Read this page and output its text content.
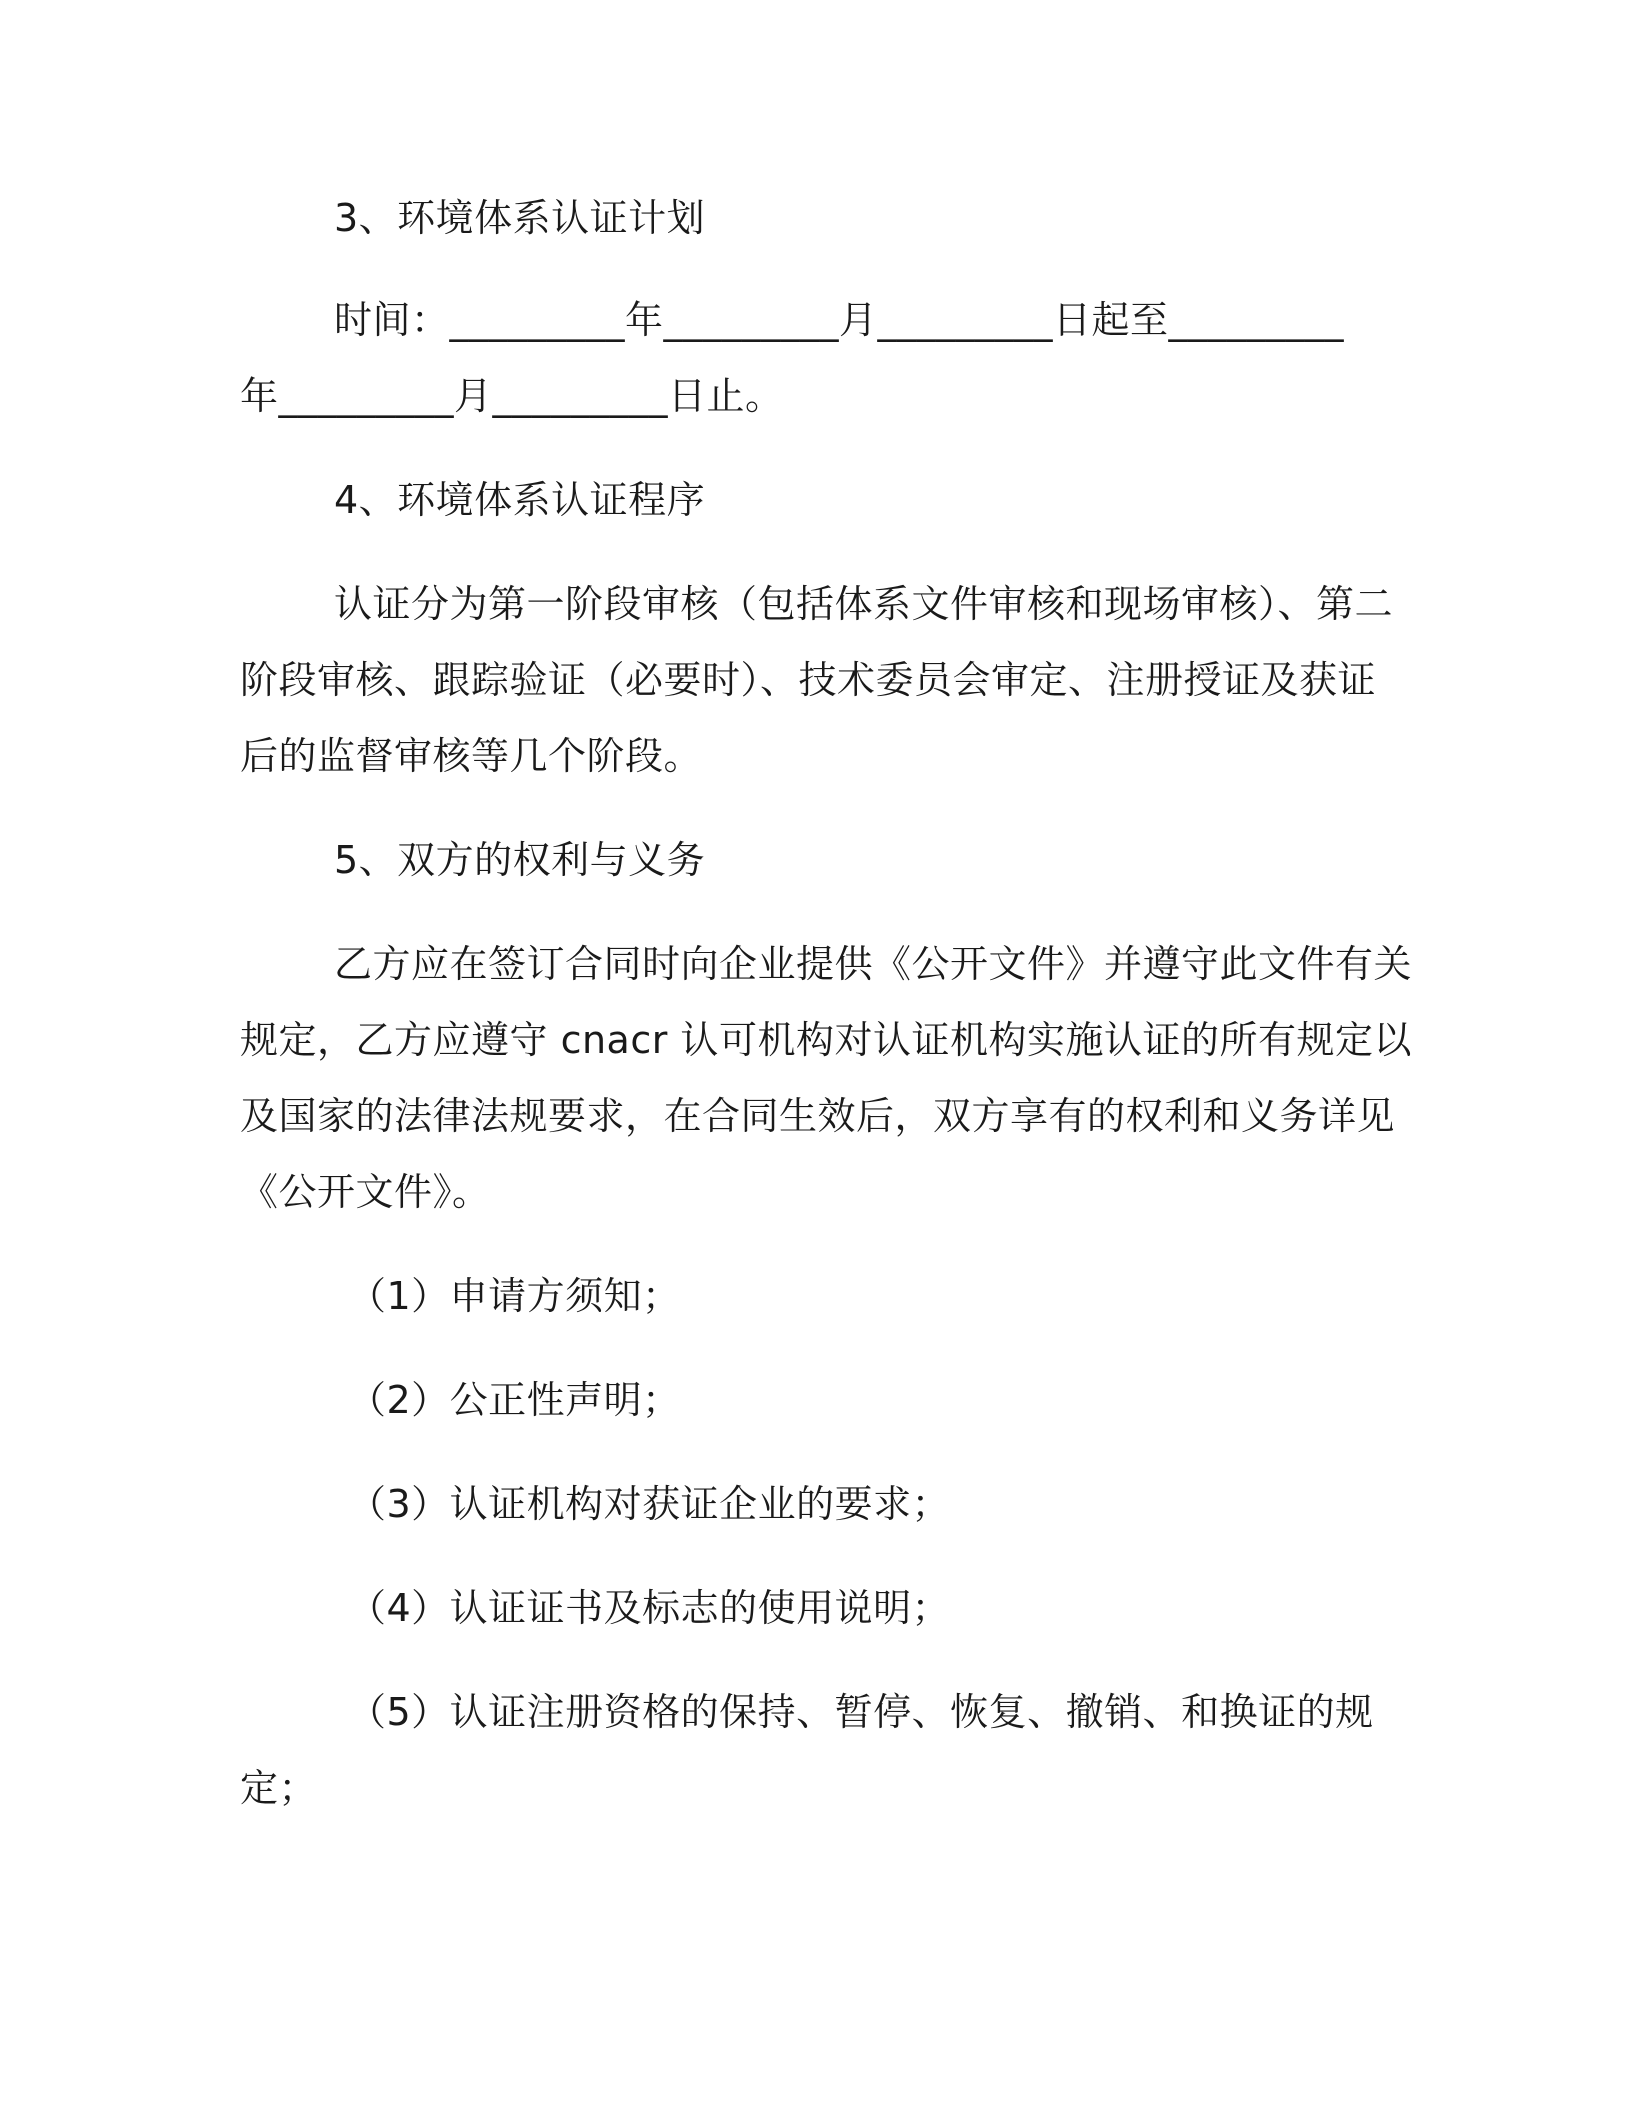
3、环境体系认证计划
时间：_________年_________月_________日起至_________
年_________月_________日止。
4、环境体系认证程序
认证分为第一阶段审核（包括体系文件审核和现场审核）、第二
阶段审核、跟踪验证（必要时）、技术委员会审定、注册授证及获证
后的监督审核等几个阶段。
5、双方的权利与义务
乙方应在签订合同时向企业提供《公开文件》并遵守此文件有关
规定，乙方应遵守 cnacr 认可机构对认证机构实施认证的所有规定以
及国家的法律法规要求，在合同生效后，双方享有的权利和义务详见
《公开文件》。
（1）申请方须知；
（2）公正性声明；
（3）认证机构对获证企业的要求；
（4）认证证书及标志的使用说明；
（5）认证注册资格的保持、暂停、恢复、撤销、和换证的规
定；
